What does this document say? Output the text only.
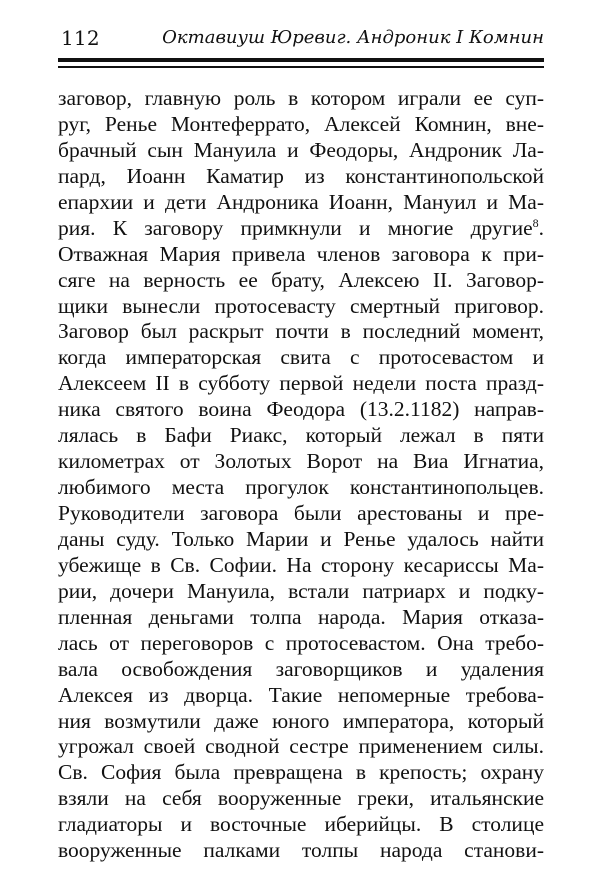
112	Октавиуш Юревиг. Андроник I Комнин
заговор, главную роль в котором играли ее суп-
руг, Ренье Монтеферрато, Алексей Комнин, вне-
брачный сын Мануила и Феодоры, Андроник Ла-
пард, Иоанн Каматир из константинопольской
епархии и дети Андроника Иоанн, Мануил и Ма-
рия. К заговору примкнули и многие другие$^8$.
Отважная Мария привела членов заговора к при-
сяге на верность ее брату, Алексею II. Заговор-
щики вынесли протосевасту смертный приговор.
Заговор был раскрыт почти в последний момент,
когда императорская свита с протосевастом и
Алексеем II в субботу первой недели поста празд-
ника святого воина Феодора (13.2.1182) направ-
лялась в Бафи Риакс, который лежал в пяти
километрах от Золотых Ворот на Виа Игнатиа,
любимого места прогулок константинопольцев.
Руководители заговора были арестованы и пре-
даны суду. Только Марии и Ренье удалось найти
убежище в Св. Софии. На сторону кесариссы Ма-
рии, дочери Мануила, встали патриарх и подку-
пленная деньгами толпа народа. Мария отказа-
лась от переговоров с протосевастом. Она требо-
вала освобождения заговорщиков и удаления
Алексея из дворца. Такие непомерные требова-
ния возмутили даже юного императора, который
угрожал своей сводной сестре применением силы.
Св. София была превращена в крепость; охрану
взяли на себя вооруженные греки, итальянские
гладиаторы и восточные иберийцы. В столице
вооруженные палками толпы народа станови-
